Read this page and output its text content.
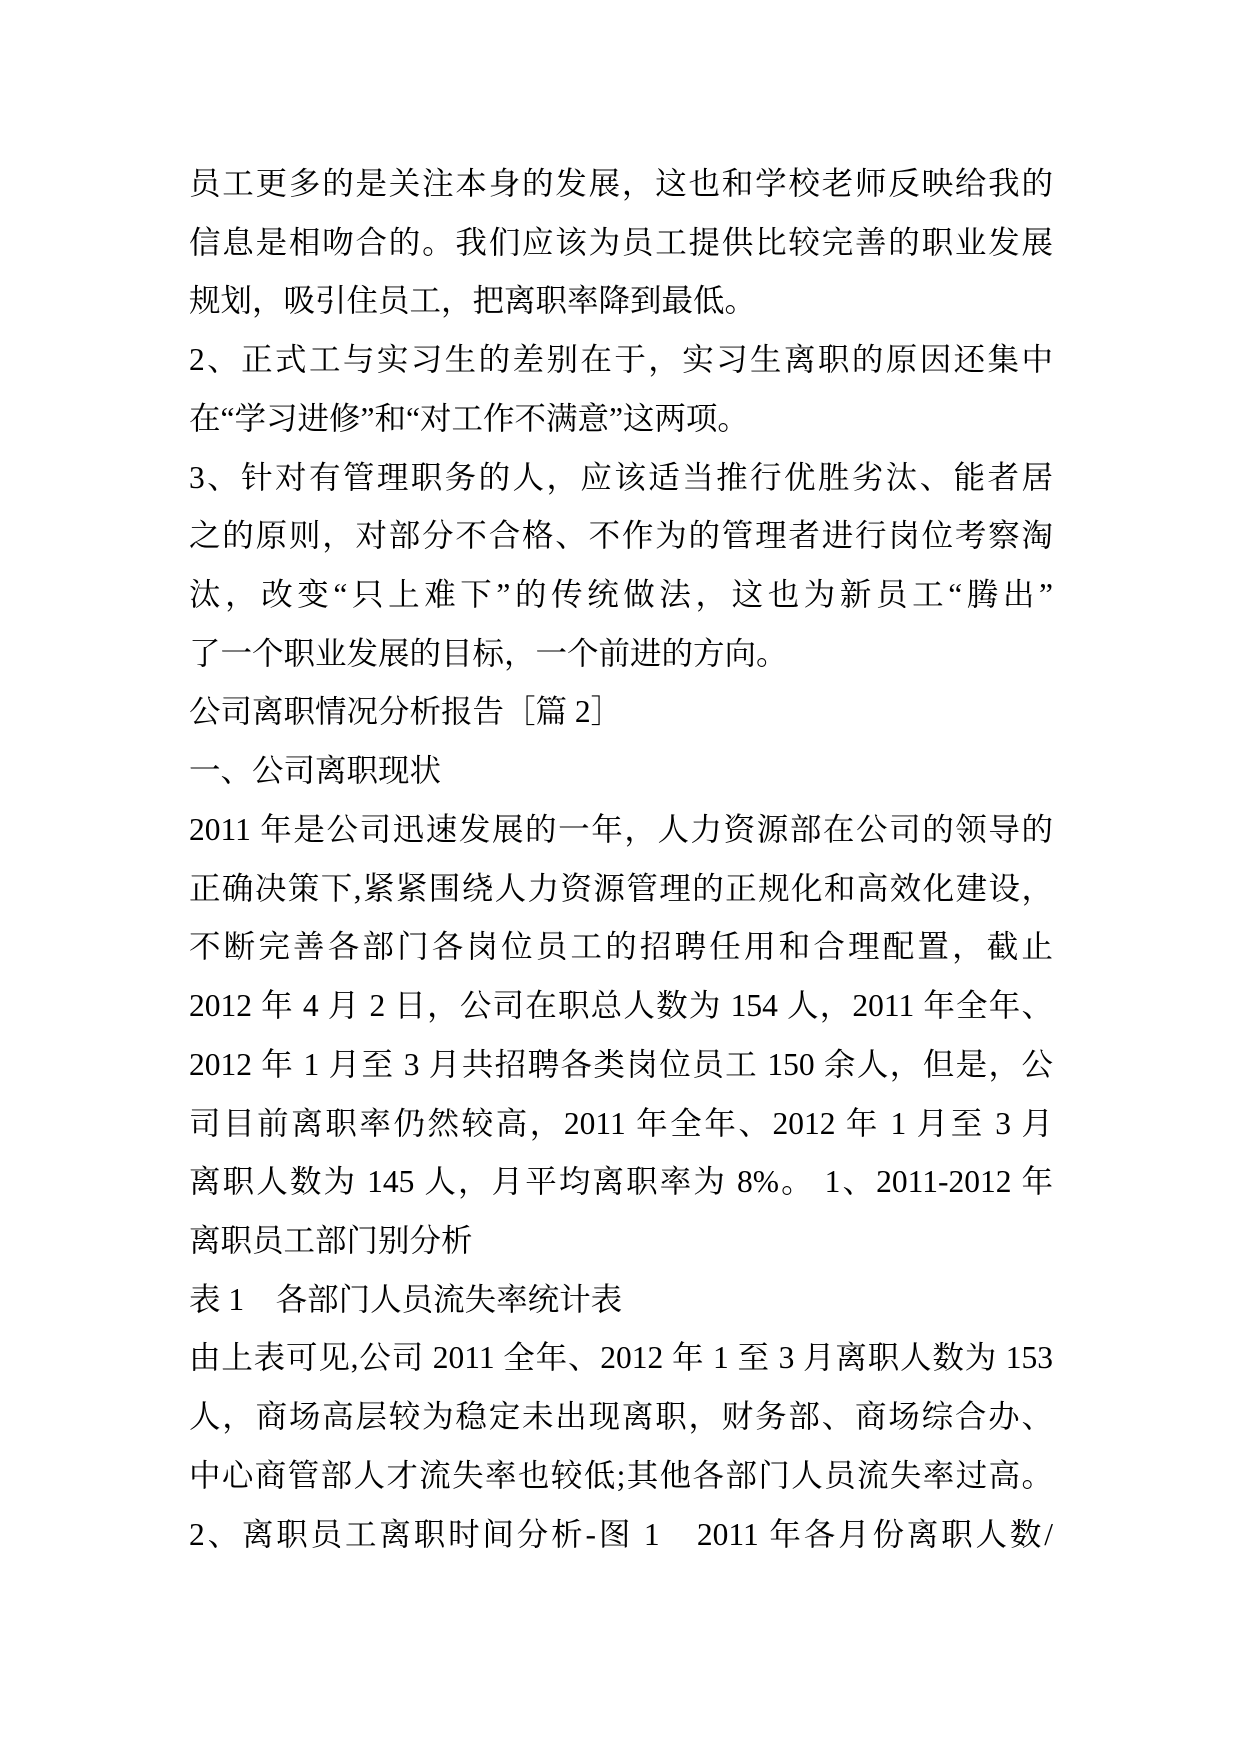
员工更多的是关注本身的发展，这也和学校老师反映给我的
信息是相吻合的。我们应该为员工提供比较完善的职业发展
规划，吸引住员工，把离职率降到最低。
2、正式工与实习生的差别在于，实习生离职的原因还集中
在“学习进修”和“对工作不满意”这两项。
3、针对有管理职务的人，应该适当推行优胜劣汰、能者居
之的原则，对部分不合格、不作为的管理者进行岗位考察淘
汰，改变“只上难下”的传统做法，这也为新员工“腾出”
了一个职业发展的目标，一个前进的方向。
公司离职情况分析报告［篇 2］
一、公司离职现状
2011 年是公司迅速发展的一年，人力资源部在公司的领导的
正确决策下,紧紧围绕人力资源管理的正规化和高效化建设，
不断完善各部门各岗位员工的招聘任用和合理配置，截止
2012 年 4 月 2 日，公司在职总人数为 154 人，2011 年全年、
2012 年 1 月至 3 月共招聘各类岗位员工 150 余人，但是，公
司目前离职率仍然较高，2011 年全年、2012 年 1 月至 3 月
离职人数为 145 人，月平均离职率为 8%。 1、2011-2012 年
离职员工部门别分析
表 1　各部门人员流失率统计表
由上表可见,公司 2011 全年、2012 年 1 至 3 月离职人数为 153
人，商场高层较为稳定未出现离职，财务部、商场综合办、
中心商管部人才流失率也较低;其他各部门人员流失率过高。
2、离职员工离职时间分析-图 1　2011 年各月份离职人数/
